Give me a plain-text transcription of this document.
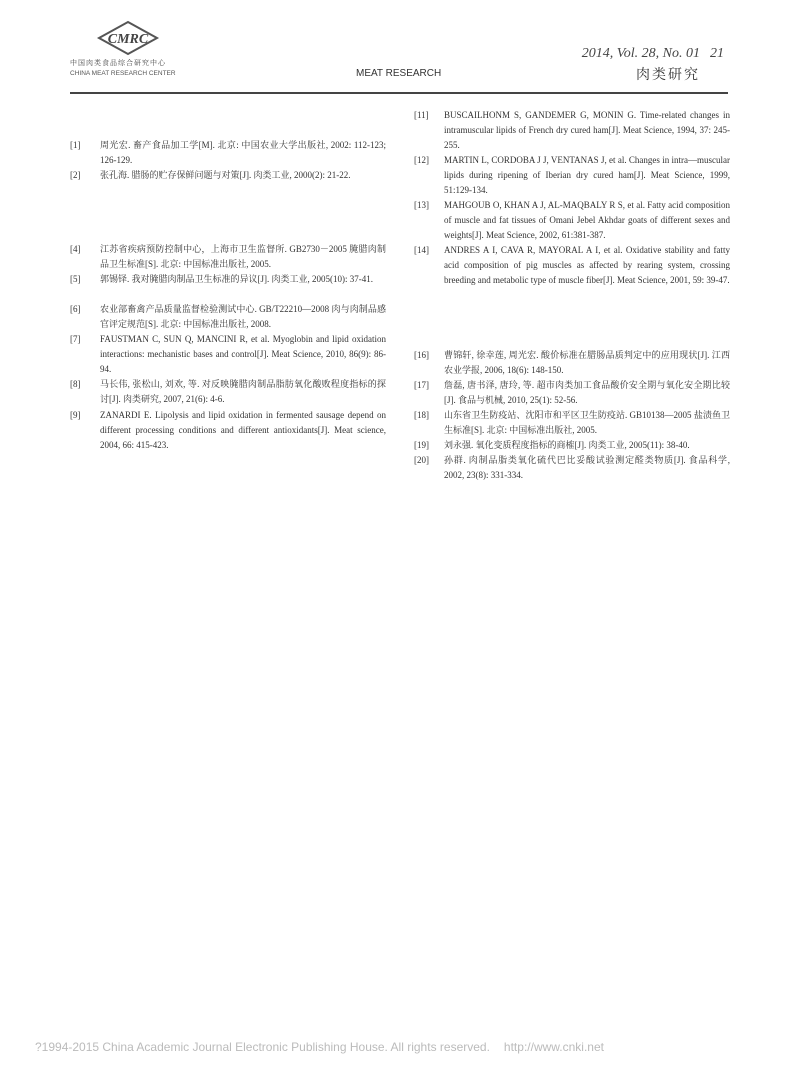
CMRC
中国肉类食品综合研究中心
CHINA MEAT RESEARCH CENTER
2014, Vol. 28, No. 01 21
MEAT RESEARCH	肉类研究
[1] 周光宏. 畜产食品加工学[M]. 北京: 中国农业大学出版社, 2002: 112-123; 126-129.
[2] 张孔海. 腊肠的贮存保鲜问题与对策[J]. 肉类工业, 2000(2): 21-22.
[4] 江苏省疾病预防控制中心，上海市卫生监督所. GB2730－2005 腌腊肉制品卫生标准[S]. 北京: 中国标准出版社, 2005.
[5] 郭锡铎. 我对腌腊肉制品卫生标准的异议[J]. 肉类工业, 2005(10): 37-41.
[6] 农业部畜禽产品质量监督检验测试中心. GB/T22210—2008 肉与肉制品感官评定规范[S]. 北京: 中国标准出版社, 2008.
[7] FAUSTMAN C, SUN Q, MANCINI R, et al. Myoglobin and lipid oxidation interactions: mechanistic bases and control[J]. Meat Science, 2010, 86(9): 86-94.
[8] 马长伟, 张松山, 刘欢, 等. 对反映腌腊肉制品脂肪氧化酸败程度指标的探讨[J]. 肉类研究, 2007, 21(6): 4-6.
[9] ZANARDI E. Lipolysis and lipid oxidation in fermented sausage depend on different processing conditions and different antioxidants[J]. Meat science, 2004, 66: 415-423.
[11] BUSCAILHONM S, GANDEMER G, MONIN G. Time-related changes in intramuscular lipids of French dry cured ham[J]. Meat Science, 1994, 37: 245-255.
[12] MARTIN L, CORDOBA J J, VENTANAS J, et al. Changes in intra—muscular lipids during ripening of Iberian dry cured ham[J]. Meat Science, 1999, 51:129-134.
[13] MAHGOUB O, KHAN A J, AL-MAQBALY R S, et al. Fatty acid composition of muscle and fat tissues of Omani Jebel Akhdar goats of different sexes and weights[J]. Meat Science, 2002, 61:381-387.
[14] ANDRES A I, CAVA R, MAYORAL A I, et al. Oxidative stability and fatty acid composition of pig muscles as affected by rearing system, crossing breeding and metabolic type of muscle fiber[J]. Meat Science, 2001, 59: 39-47.
[16] 曹锦轩, 徐幸莲, 周光宏. 酸价标准在腊肠品质判定中的应用现状[J]. 江西农业学报, 2006, 18(6): 148-150.
[17] 詹磊, 唐书泽, 唐玲, 等. 超市肉类加工食品酸价安全期与氧化安全期比较[J]. 食品与机械, 2010, 25(1): 52-56.
[18] 山东省卫生防疫站、沈阳市和平区卫生防疫站. GB10138—2005 盐渍鱼卫生标准[S]. 北京: 中国标准出版社, 2005.
[19] 刘永强. 氧化变质程度指标的商榷[J]. 肉类工业, 2005(11): 38-40.
[20] 孙群. 肉制品脂类氧化硫代巴比妥酸试验测定醛类物质[J]. 食品科学, 2002, 23(8): 331-334.
?1994-2015 China Academic Journal Electronic Publishing House. All rights reserved. http://www.cnki.net
